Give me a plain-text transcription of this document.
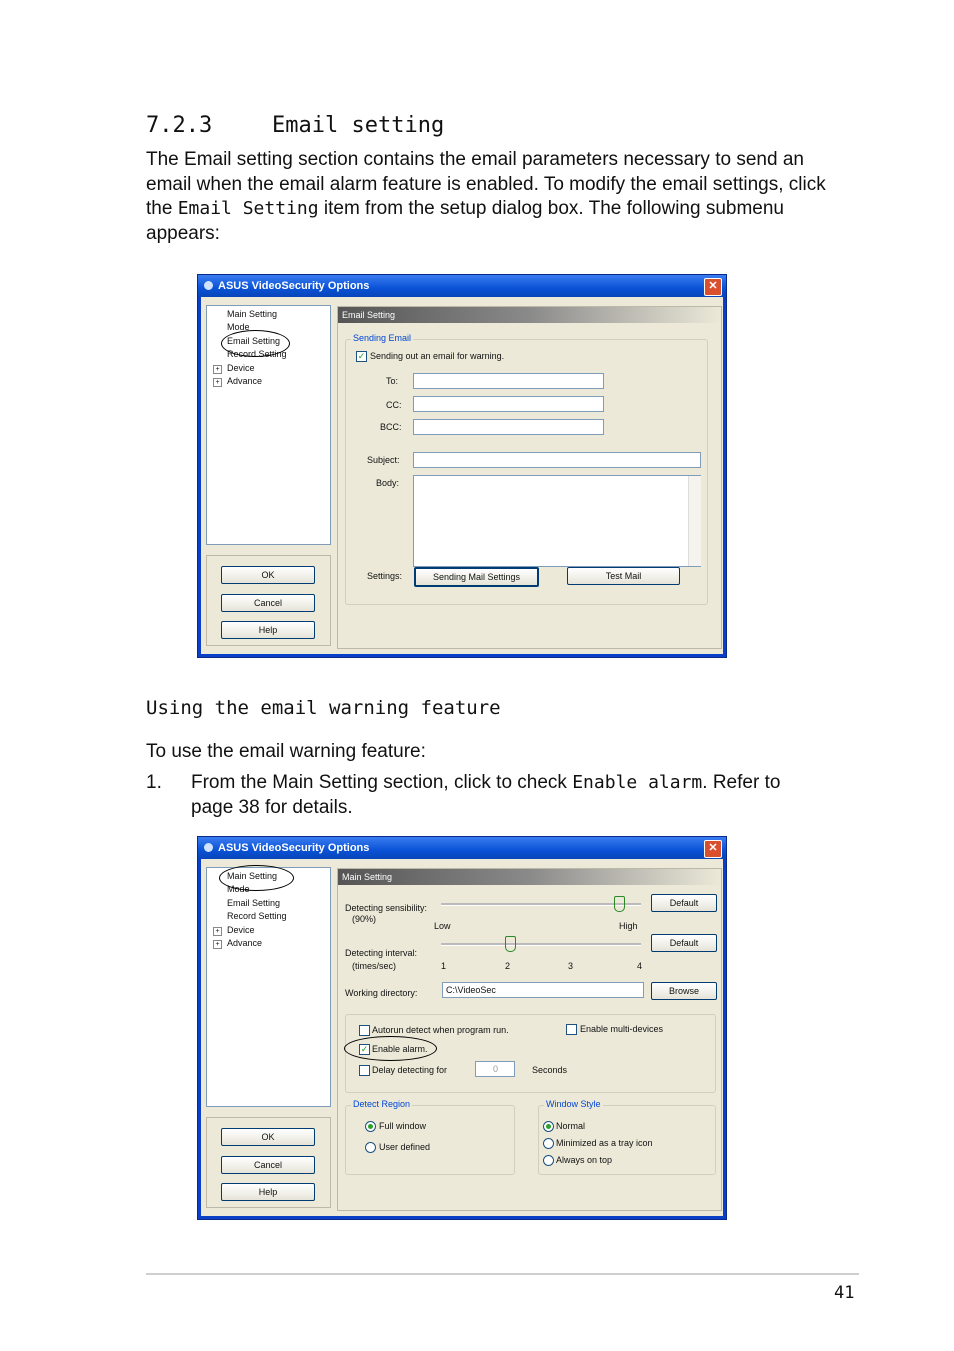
7.2.3	Email setting
The Email setting section contains the email parameters necessary to send an email when the email alarm feature is enabled. To modify the email settings, click the Email Setting item from the setup dialog box. The following submenu appears:
ASUS VideoSecurity Options	✕
Main Setting
Mode
Email Setting
Record Setting
+ Device
+ Advance
OK
Cancel
Help
Email Setting
Sending Email
✓ Sending out an email for warning.
To:
CC:
BCC:
Subject:
Body:
Settings:	Sending Mail Settings	Test Mail
Using the email warning feature
To use the email warning feature:
1. From the Main Setting section, click to check Enable alarm. Refer to page 38 for details.
ASUS VideoSecurity Options	✕
Main Setting
Mode
Email Setting
Record Setting
+ Device
+ Advance
OK
Cancel
Help
Main Setting
Detecting sensibility:
(90%)
Low	High
Default
Detecting interval:
(times/sec)	1	2	3	4
Default
Working directory:	C:\VideoSec	Browse
Autorun detect when program run.	Enable multi-devices
✓ Enable alarm.
Delay detecting for	0	Seconds
Detect Region
Full window
User defined
Window Style
Normal
Minimized as a tray icon
Always on top
41
